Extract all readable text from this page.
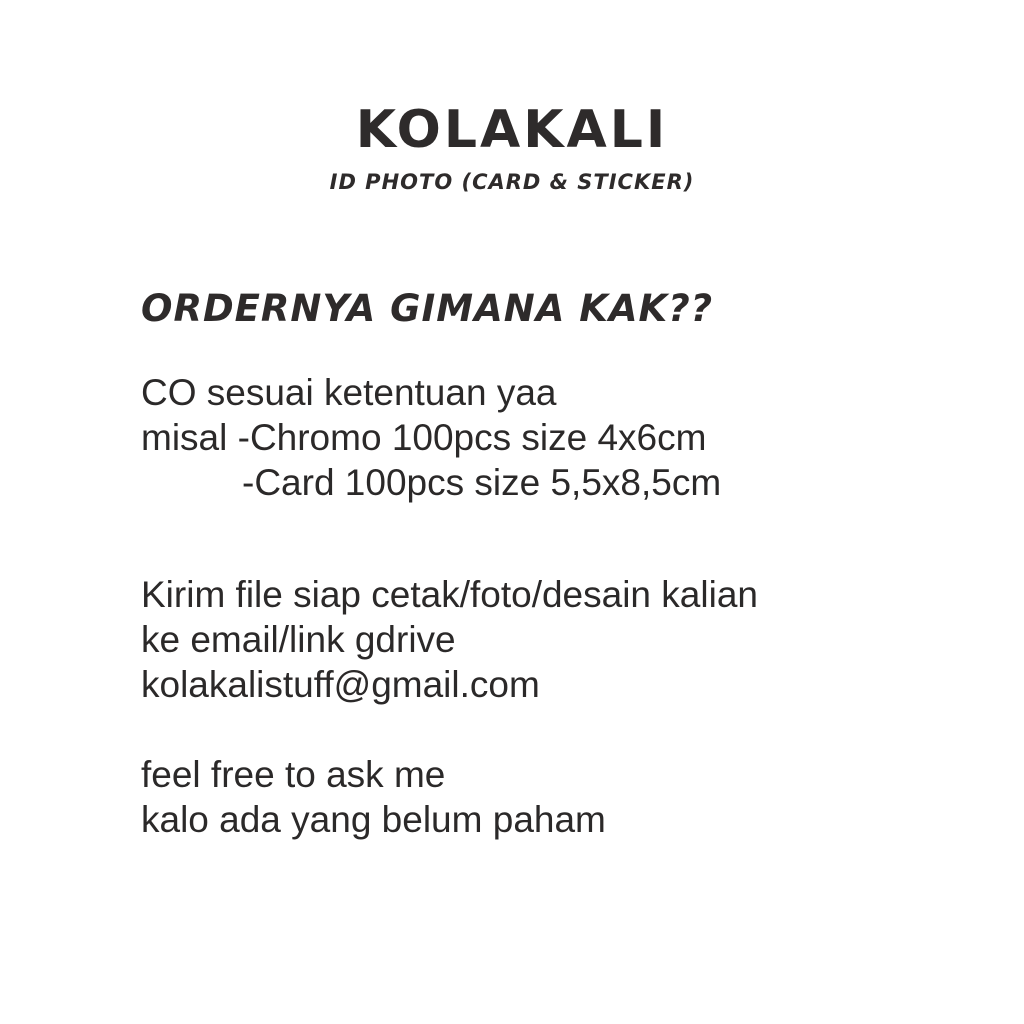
KOLAKALI
ID PHOTO (CARD & STICKER)
ORDERNYA GIMANA KAK??
CO sesuai ketentuan yaa
misal -Chromo 100pcs size 4x6cm
-Card 100pcs size 5,5x8,5cm
Kirim file siap cetak/foto/desain kalian
ke email/link gdrive
kolakalistuff@gmail.com
feel free to ask me
kalo ada yang belum paham
